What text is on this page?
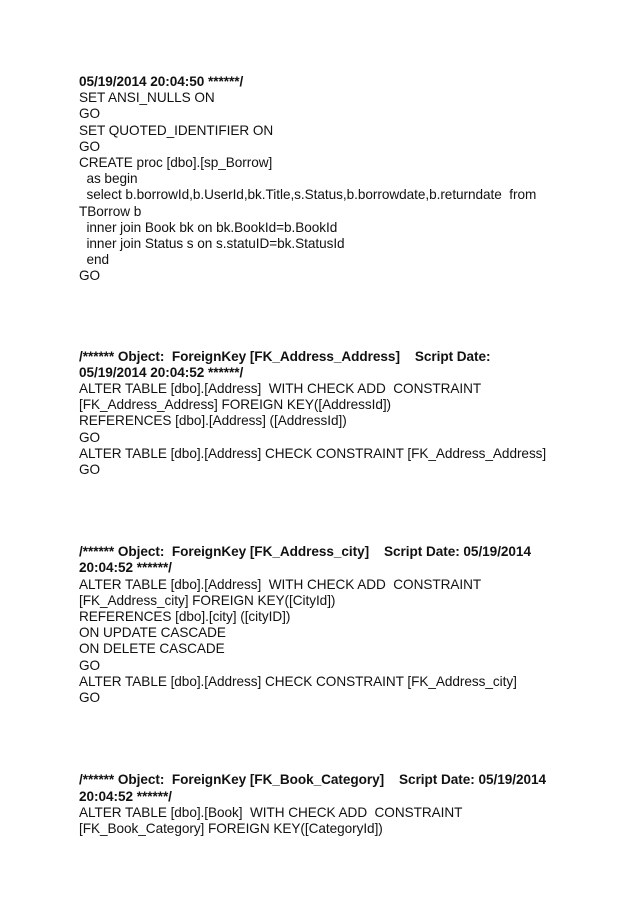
05/19/2014 20:04:50 ******/

SET ANSI_NULLS ON

GO

SET QUOTED_IDENTIFIER ON

GO

CREATE proc [dbo].[sp_Borrow]

as begin

select b.borrowId,b.UserId,bk.Title,s.Status,b.borrowdate,b.returndate  from

TBorrow b

inner join Book bk on bk.BookId=b.BookId

inner join Status s on s.statuID=bk.StatusId

end

GO

/****** Object:  ForeignKey [FK_Address_Address]    Script Date:

05/19/2014 20:04:52 ******/

ALTER TABLE [dbo].[Address]  WITH CHECK ADD  CONSTRAINT

[FK_Address_Address] FOREIGN KEY([AddressId])

REFERENCES [dbo].[Address] ([AddressId])

GO

ALTER TABLE [dbo].[Address] CHECK CONSTRAINT [FK_Address_Address]

GO

/****** Object:  ForeignKey [FK_Address_city]    Script Date: 05/19/2014

20:04:52 ******/

ALTER TABLE [dbo].[Address]  WITH CHECK ADD  CONSTRAINT

[FK_Address_city] FOREIGN KEY([CityId])

REFERENCES [dbo].[city] ([cityID])

ON UPDATE CASCADE

ON DELETE CASCADE

GO

ALTER TABLE [dbo].[Address] CHECK CONSTRAINT [FK_Address_city]

GO

/****** Object:  ForeignKey [FK_Book_Category]    Script Date: 05/19/2014

20:04:52 ******/

ALTER TABLE [dbo].[Book]  WITH CHECK ADD  CONSTRAINT

[FK_Book_Category] FOREIGN KEY([CategoryId])
